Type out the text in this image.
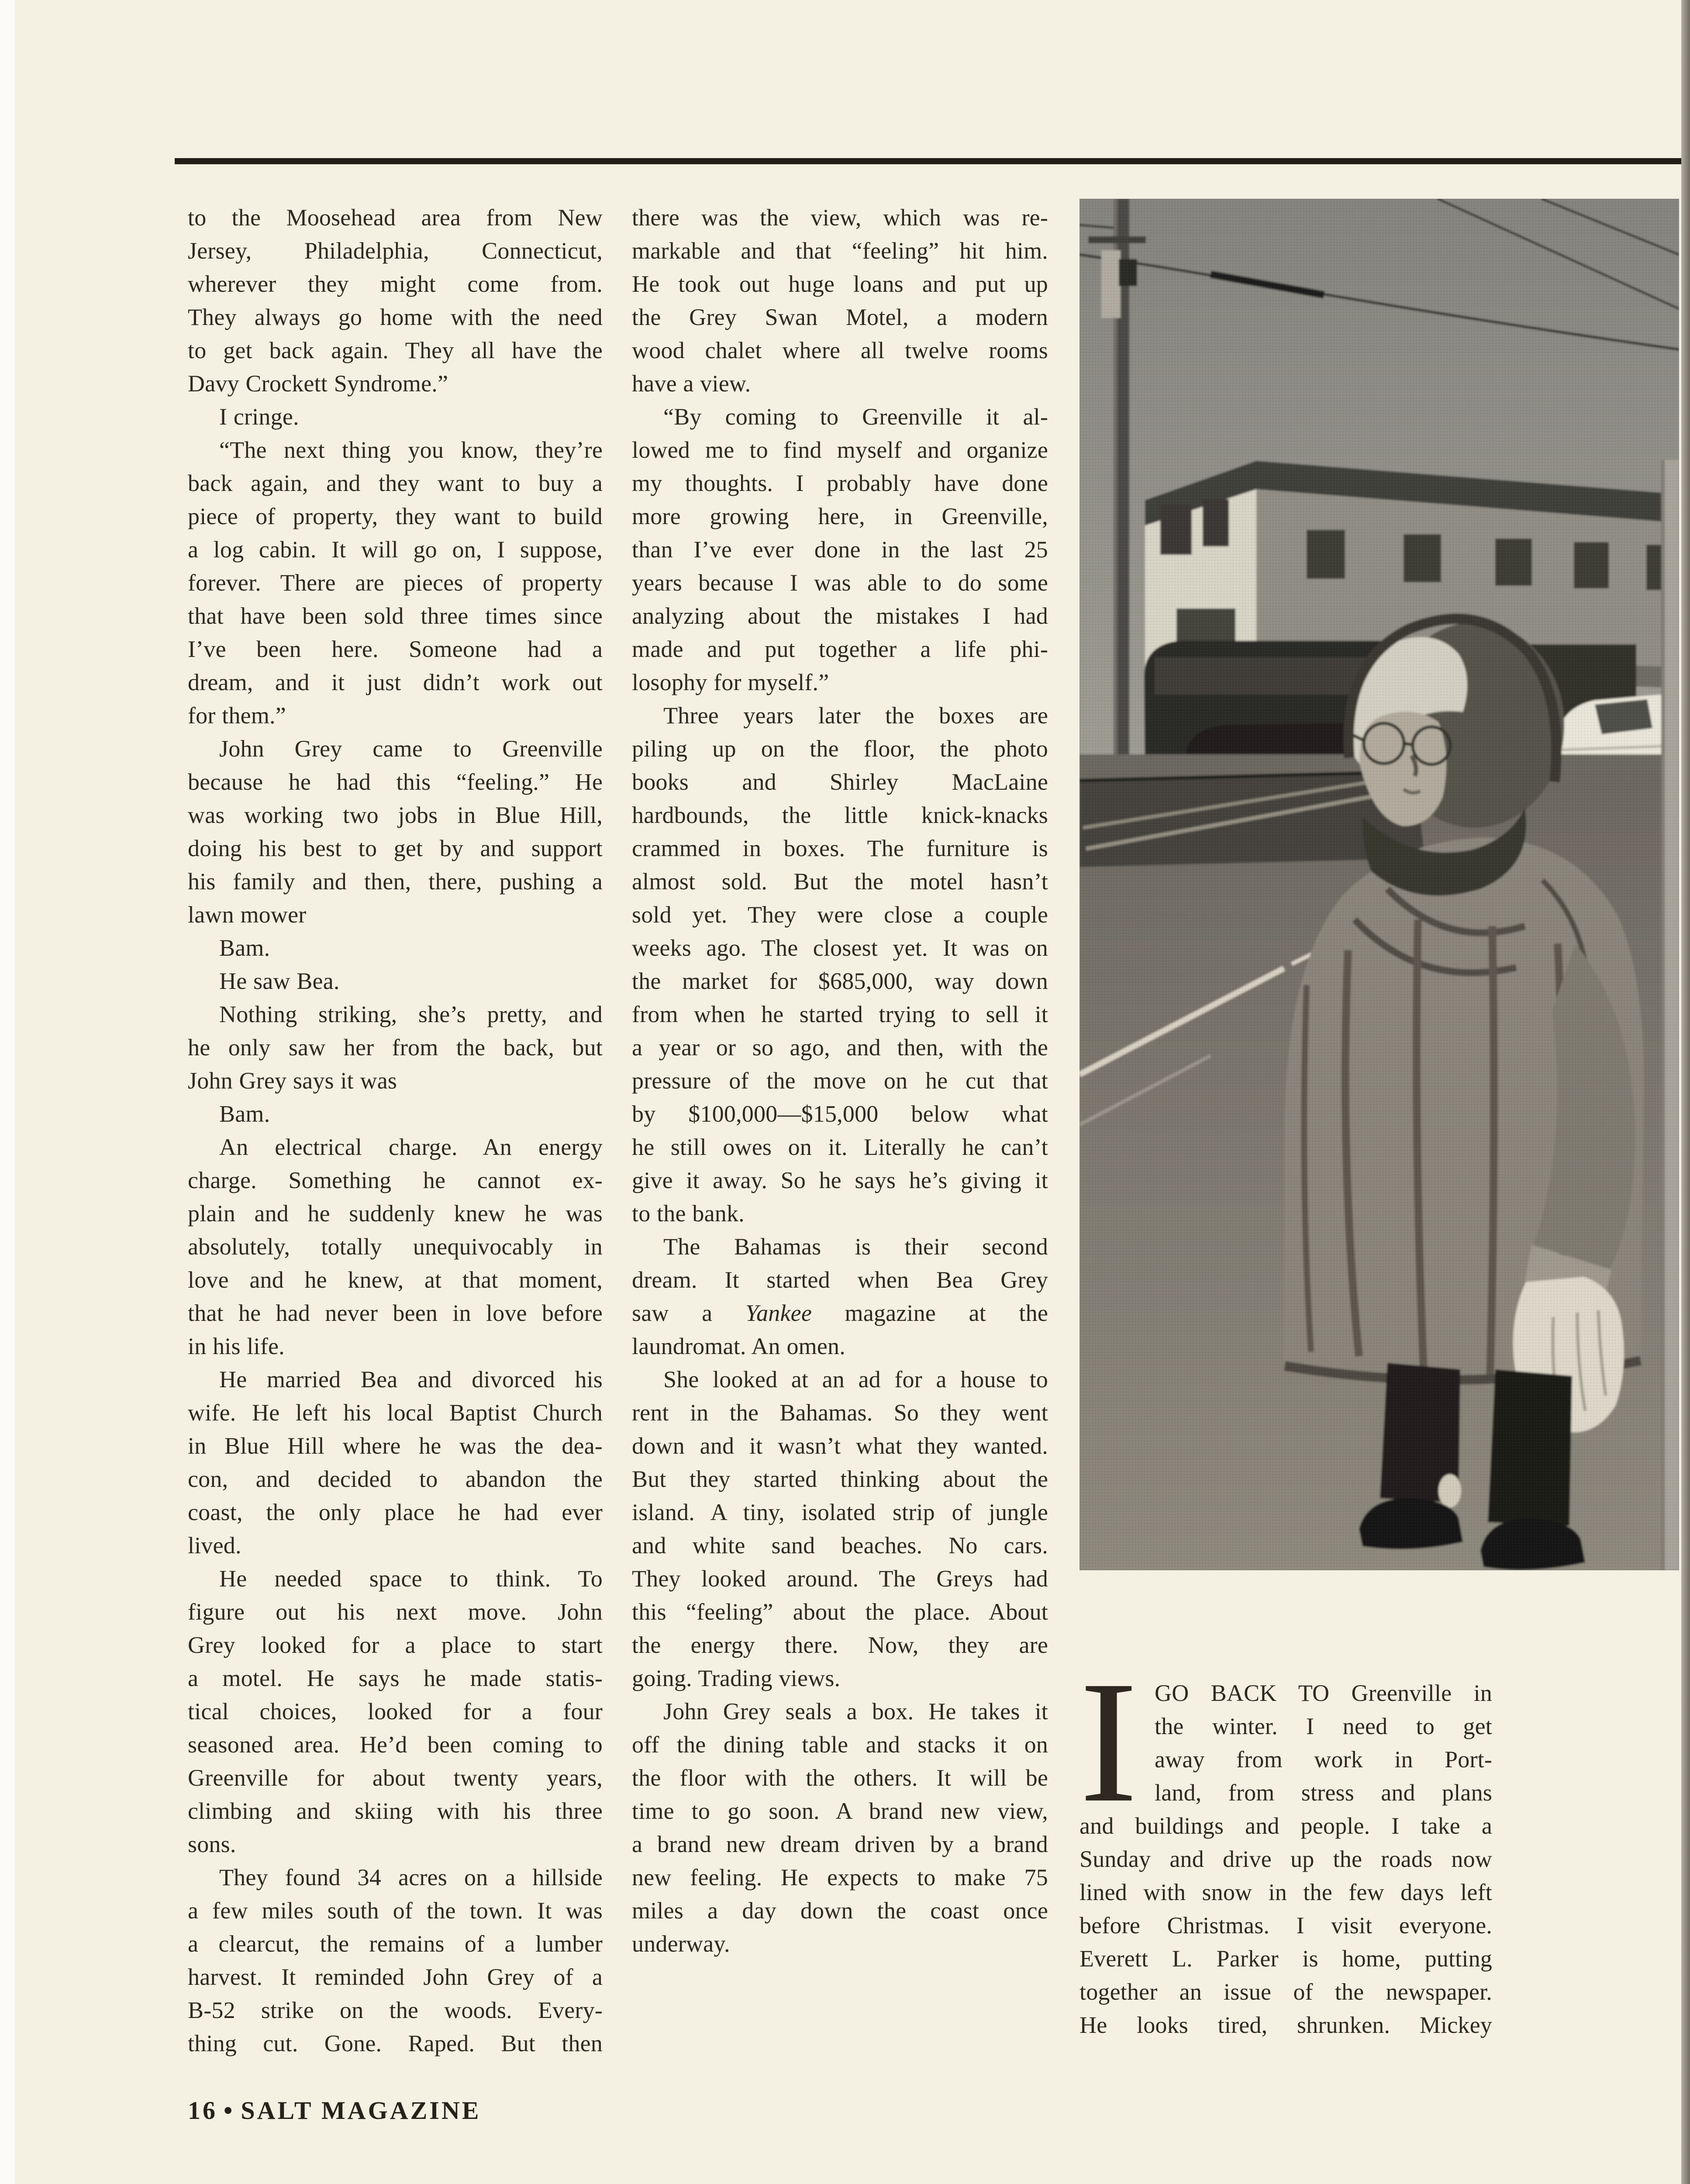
to the Moosehead area from New
Jersey, Philadelphia, Connecticut,
wherever they might come from.
They always go home with the need
to get back again. They all have the
Davy Crockett Syndrome.”
I cringe.
“The next thing you know, they’re
back again, and they want to buy a
piece of property, they want to build
a log cabin. It will go on, I suppose,
forever. There are pieces of property
that have been sold three times since
I’ve been here. Someone had a
dream, and it just didn’t work out
for them.”
John Grey came to Greenville
because he had this “feeling.” He
was working two jobs in Blue Hill,
doing his best to get by and support
his family and then, there, pushing a
lawn mower
Bam.
He saw Bea.
Nothing striking, she’s pretty, and
he only saw her from the back, but
John Grey says it was
Bam.
An electrical charge. An energy
charge. Something he cannot ex-
plain and he suddenly knew he was
absolutely, totally unequivocably in
love and he knew, at that moment,
that he had never been in love before
in his life.
He married Bea and divorced his
wife. He left his local Baptist Church
in Blue Hill where he was the dea-
con, and decided to abandon the
coast, the only place he had ever
lived.
He needed space to think. To
figure out his next move. John
Grey looked for a place to start
a motel. He says he made statis-
tical choices, looked for a four
seasoned area. He’d been coming to
Greenville for about twenty years,
climbing and skiing with his three
sons.
They found 34 acres on a hillside
a few miles south of the town. It was
a clearcut, the remains of a lumber
harvest. It reminded John Grey of a
B-52 strike on the woods. Every-
thing cut. Gone. Raped. But then
there was the view, which was re-
markable and that “feeling” hit him.
He took out huge loans and put up
the Grey Swan Motel, a modern
wood chalet where all twelve rooms
have a view.
“By coming to Greenville it al-
lowed me to find myself and organize
my thoughts. I probably have done
more growing here, in Greenville,
than I’ve ever done in the last 25
years because I was able to do some
analyzing about the mistakes I had
made and put together a life phi-
losophy for myself.”
Three years later the boxes are
piling up on the floor, the photo
books and Shirley MacLaine
hardbounds, the little knick-knacks
crammed in boxes. The furniture is
almost sold. But the motel hasn’t
sold yet. They were close a couple
weeks ago. The closest yet. It was on
the market for $685,000, way down
from when he started trying to sell it
a year or so ago, and then, with the
pressure of the move on he cut that
by $100,000—$15,000 below what
he still owes on it. Literally he can’t
give it away. So he says he’s giving it
to the bank.
The Bahamas is their second
dream. It started when Bea Grey
saw a Yankee magazine at the
laundromat. An omen.
She looked at an ad for a house to
rent in the Bahamas. So they went
down and it wasn’t what they wanted.
But they started thinking about the
island. A tiny, isolated strip of jungle
and white sand beaches. No cars.
They looked around. The Greys had
this “feeling” about the place. About
the energy there. Now, they are
going. Trading views.
John Grey seals a box. He takes it
off the dining table and stacks it on
the floor with the others. It will be
time to go soon. A brand new view,
a brand new dream driven by a brand
new feeling. He expects to make 75
miles a day down the coast once
underway.
I GO BACK TO Greenville in
the winter. I need to get
away from work in Port-
land, from stress and plans
and buildings and people. I take a
Sunday and drive up the roads now
lined with snow in the few days left
before Christmas. I visit everyone.
Everett L. Parker is home, putting
together an issue of the newspaper.
He looks tired, shrunken. Mickey
16 • SALT MAGAZINE
